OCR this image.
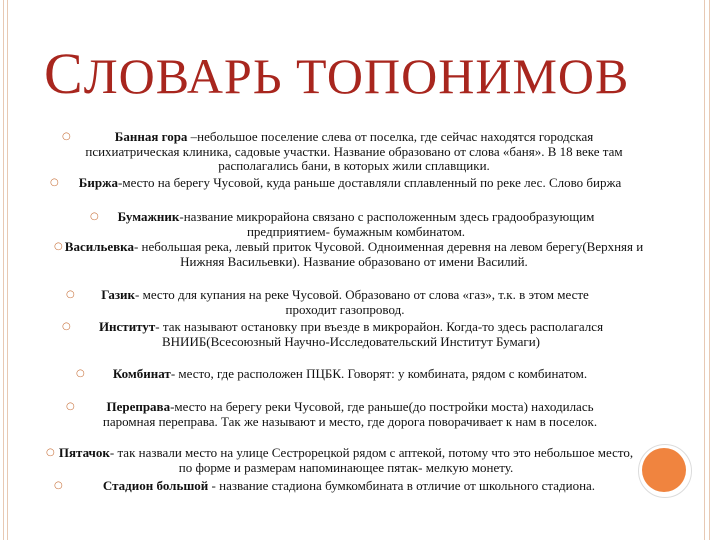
СЛОВАРЬ ТОПОНИМОВ
○	Банная гора –небольшое поселение слева от поселка, где сейчас находятся городская психиатрическая клиника, садовые участки. Название образовано от слова «баня». В 18 веке там располагались бани, в которых жили сплавщики.
○	Биржа-место на берегу Чусовой, куда раньше доставляли сплавленный по реке лес. Слово биржа
○	Бумажник-название микрорайона связано с расположенным здесь градообразующим предприятием- бумажным комбинатом.
○ Васильевка- небольшая река, левый приток Чусовой. Одноименная деревня на левом берегу(Верхняя и Нижняя Васильевки). Название образовано от имени Василий.
○	Газик- место для купания на реке Чусовой. Образовано от слова «газ», т.к. в этом месте проходит газопровод.
○	Институт- так называют остановку при въезде в микрорайон. Когда-то здесь располагался ВНИИБ(Всесоюзный Научно-Исследовательский Институт Бумаги)
○	Комбинат- место, где расположен ПЦБК. Говорят: у комбината, рядом с комбинатом.
○	Переправа-место на берегу реки Чусовой, где раньше(до постройки моста) находилась паромная переправа. Так же называют и место, где дорога поворачивает к нам в поселок.
○ Пятачок- так назвали место на улице Сестрорецкой рядом с аптекой, потому что это небольшое место, по форме и размерам напоминающее пятак- мелкую монету.
○	Стадион большой - название стадиона бумкомбината в отличие от школьного стадиона.
